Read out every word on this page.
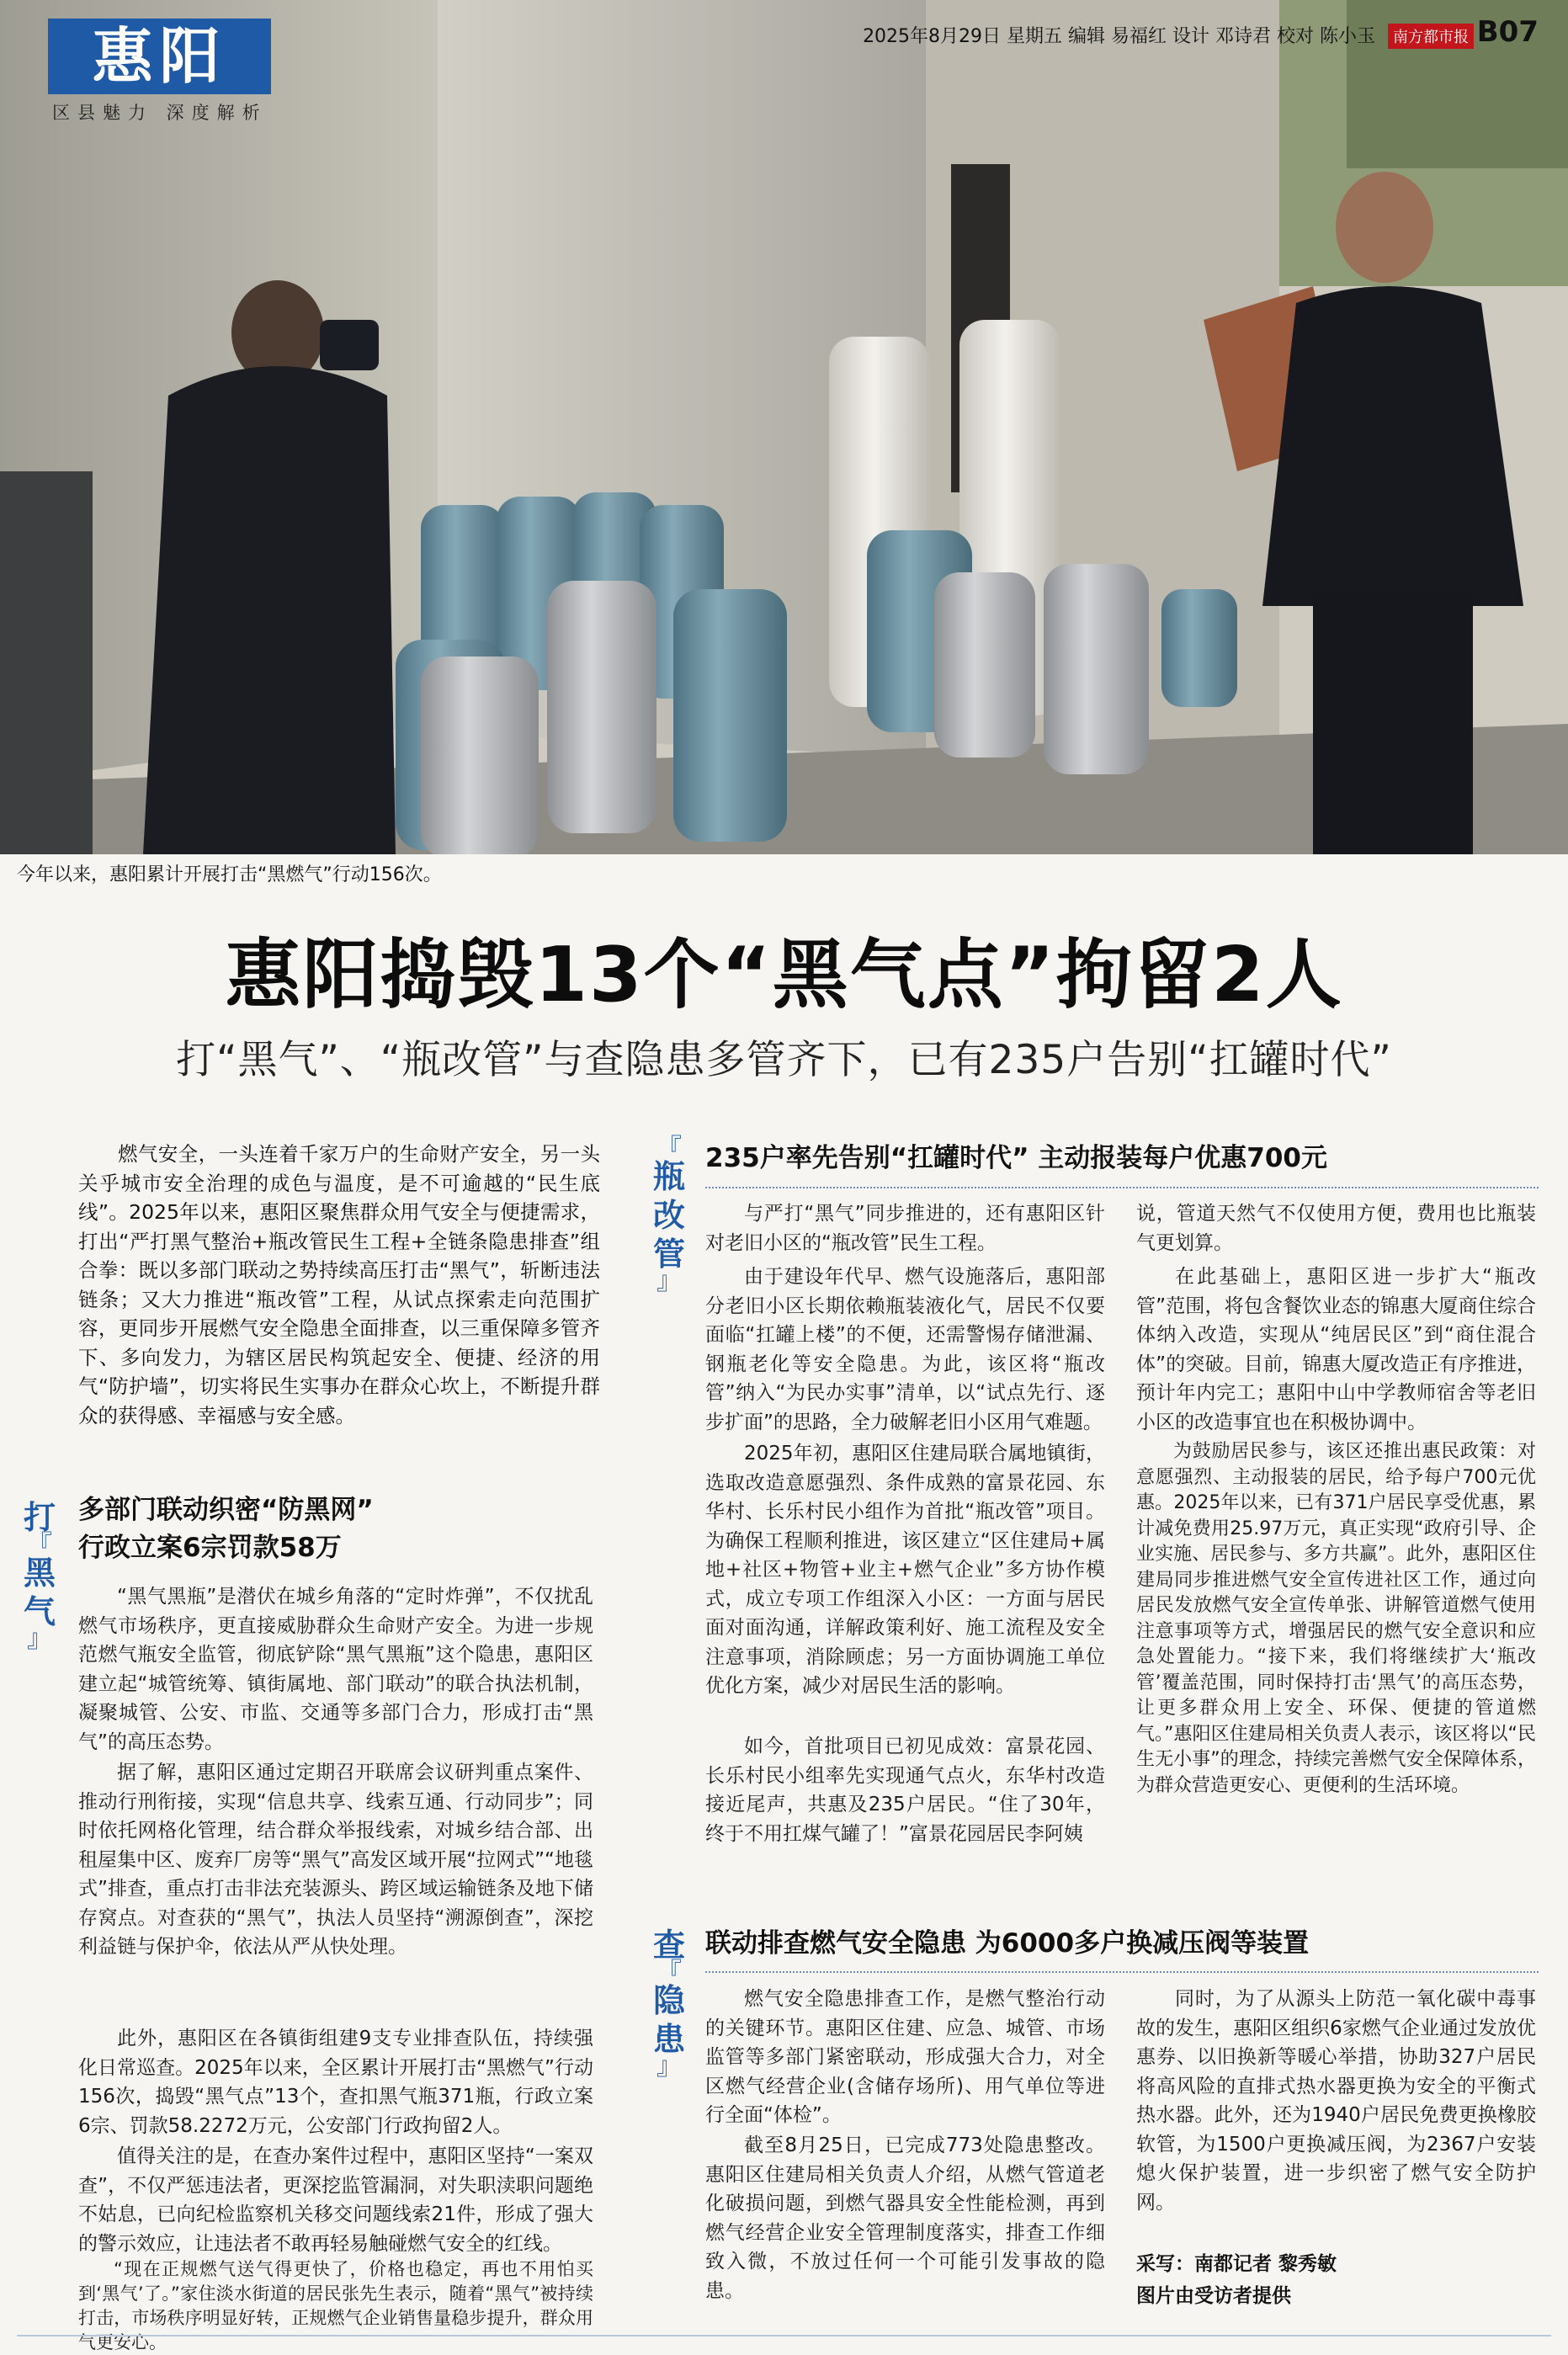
惠阳
区县魅力 深度解析
2025年8月29日 星期五 编辑 易福红 设计 邓诗君 校对 陈小玉 南方都市报 B07
今年以来，惠阳累计开展打击“黑燃气”行动156次。
惠阳捣毁13个“黑气点”拘留2人
打“黑气”、“瓶改管”与查隐患多管齐下，已有235户告别“扛罐时代”
燃气安全，一头连着千家万户的生命财产安全，另一头关乎城市安全治理的成色与温度，是不可逾越的“民生底线”。2025年以来，惠阳区聚焦群众用气安全与便捷需求，打出“严打黑气整治+瓶改管民生工程+全链条隐患排查”组合拳：既以多部门联动之势持续高压打击“黑气”，斩断违法链条；又大力推进“瓶改管”工程，从试点探索走向范围扩容，更同步开展燃气安全隐患全面排查，以三重保障多管齐下、多向发力，为辖区居民构筑起安全、便捷、经济的用气“防护墙”，切实将民生实事办在群众心坎上，不断提升群众的获得感、幸福感与安全感。
打
『
黑
气
』
多部门联动织密“防黑网”
行政立案6宗罚款58万
“黑气黑瓶”是潜伏在城乡角落的“定时炸弹”，不仅扰乱燃气市场秩序，更直接威胁群众生命财产安全。为进一步规范燃气瓶安全监管，彻底铲除“黑气黑瓶”这个隐患，惠阳区建立起“城管统筹、镇街属地、部门联动”的联合执法机制，凝聚城管、公安、市监、交通等多部门合力，形成打击“黑气”的高压态势。
据了解，惠阳区通过定期召开联席会议研判重点案件、推动行刑衔接，实现“信息共享、线索互通、行动同步”；同时依托网格化管理，结合群众举报线索，对城乡结合部、出租屋集中区、废弃厂房等“黑气”高发区域开展“拉网式”“地毯式”排查，重点打击非法充装源头、跨区域运输链条及地下储存窝点。对查获的“黑气”，执法人员坚持“溯源倒查”，深挖利益链与保护伞，依法从严从快处理。
此外，惠阳区在各镇街组建9支专业排查队伍，持续强化日常巡查。2025年以来，全区累计开展打击“黑燃气”行动156次，捣毁“黑气点”13个，查扣黑气瓶371瓶，行政立案6宗、罚款58.2272万元，公安部门行政拘留2人。
值得关注的是，在查办案件过程中，惠阳区坚持“一案双查”，不仅严惩违法者，更深挖监管漏洞，对失职渎职问题绝不姑息，已向纪检监察机关移交问题线索21件，形成了强大的警示效应，让违法者不敢再轻易触碰燃气安全的红线。
“现在正规燃气送气得更快了，价格也稳定，再也不用怕买到‘黑气’了。”家住淡水街道的居民张先生表示，随着“黑气”被持续打击，市场秩序明显好转，正规燃气企业销售量稳步提升，群众用气更安心。
『
瓶
改
管
』
235户率先告别“扛罐时代” 主动报装每户优惠700元
与严打“黑气”同步推进的，还有惠阳区针对老旧小区的“瓶改管”民生工程。
由于建设年代早、燃气设施落后，惠阳部分老旧小区长期依赖瓶装液化气，居民不仅要面临“扛罐上楼”的不便，还需警惕存储泄漏、钢瓶老化等安全隐患。为此，该区将“瓶改管”纳入“为民办实事”清单，以“试点先行、逐步扩面”的思路，全力破解老旧小区用气难题。
2025年初，惠阳区住建局联合属地镇街，选取改造意愿强烈、条件成熟的富景花园、东华村、长乐村民小组作为首批“瓶改管”项目。为确保工程顺利推进，该区建立“区住建局+属地+社区+物管+业主+燃气企业”多方协作模式，成立专项工作组深入小区：一方面与居民面对面沟通，详解政策利好、施工流程及安全注意事项，消除顾虑；另一方面协调施工单位优化方案，减少对居民生活的影响。
如今，首批项目已初见成效：富景花园、长乐村民小组率先实现通气点火，东华村改造接近尾声，共惠及235户居民。“住了30年，终于不用扛煤气罐了！”富景花园居民李阿姨
说，管道天然气不仅使用方便，费用也比瓶装气更划算。
在此基础上，惠阳区进一步扩大“瓶改管”范围，将包含餐饮业态的锦惠大厦商住综合体纳入改造，实现从“纯居民区”到“商住混合体”的突破。目前，锦惠大厦改造正有序推进，预计年内完工；惠阳中山中学教师宿舍等老旧小区的改造事宜也在积极协调中。
为鼓励居民参与，该区还推出惠民政策：对意愿强烈、主动报装的居民，给予每户700元优惠。2025年以来，已有371户居民享受优惠，累计减免费用25.97万元，真正实现“政府引导、企业实施、居民参与、多方共赢”。此外，惠阳区住建局同步推进燃气安全宣传进社区工作，通过向居民发放燃气安全宣传单张、讲解管道燃气使用注意事项等方式，增强居民的燃气安全意识和应急处置能力。“接下来，我们将继续扩大‘瓶改管’覆盖范围，同时保持打击‘黑气’的高压态势，让更多群众用上安全、环保、便捷的管道燃气。”惠阳区住建局相关负责人表示，该区将以“民生无小事”的理念，持续完善燃气安全保障体系，为群众营造更安心、更便利的生活环境。
查
『
隐
患
』
联动排查燃气安全隐患 为6000多户换减压阀等装置
燃气安全隐患排查工作，是燃气整治行动的关键环节。惠阳区住建、应急、城管、市场监管等多部门紧密联动，形成强大合力，对全区燃气经营企业(含储存场所)、用气单位等进行全面“体检”。
截至8月25日，已完成773处隐患整改。惠阳区住建局相关负责人介绍，从燃气管道老化破损问题，到燃气器具安全性能检测，再到燃气经营企业安全管理制度落实，排查工作细致入微，不放过任何一个可能引发事故的隐患。
同时，为了从源头上防范一氧化碳中毒事故的发生，惠阳区组织6家燃气企业通过发放优惠券、以旧换新等暖心举措，协助327户居民将高风险的直排式热水器更换为安全的平衡式热水器。此外，还为1940户居民免费更换橡胶软管，为1500户更换减压阀，为2367户安装熄火保护装置，进一步织密了燃气安全防护网。
采写：南都记者 黎秀敏
图片由受访者提供
